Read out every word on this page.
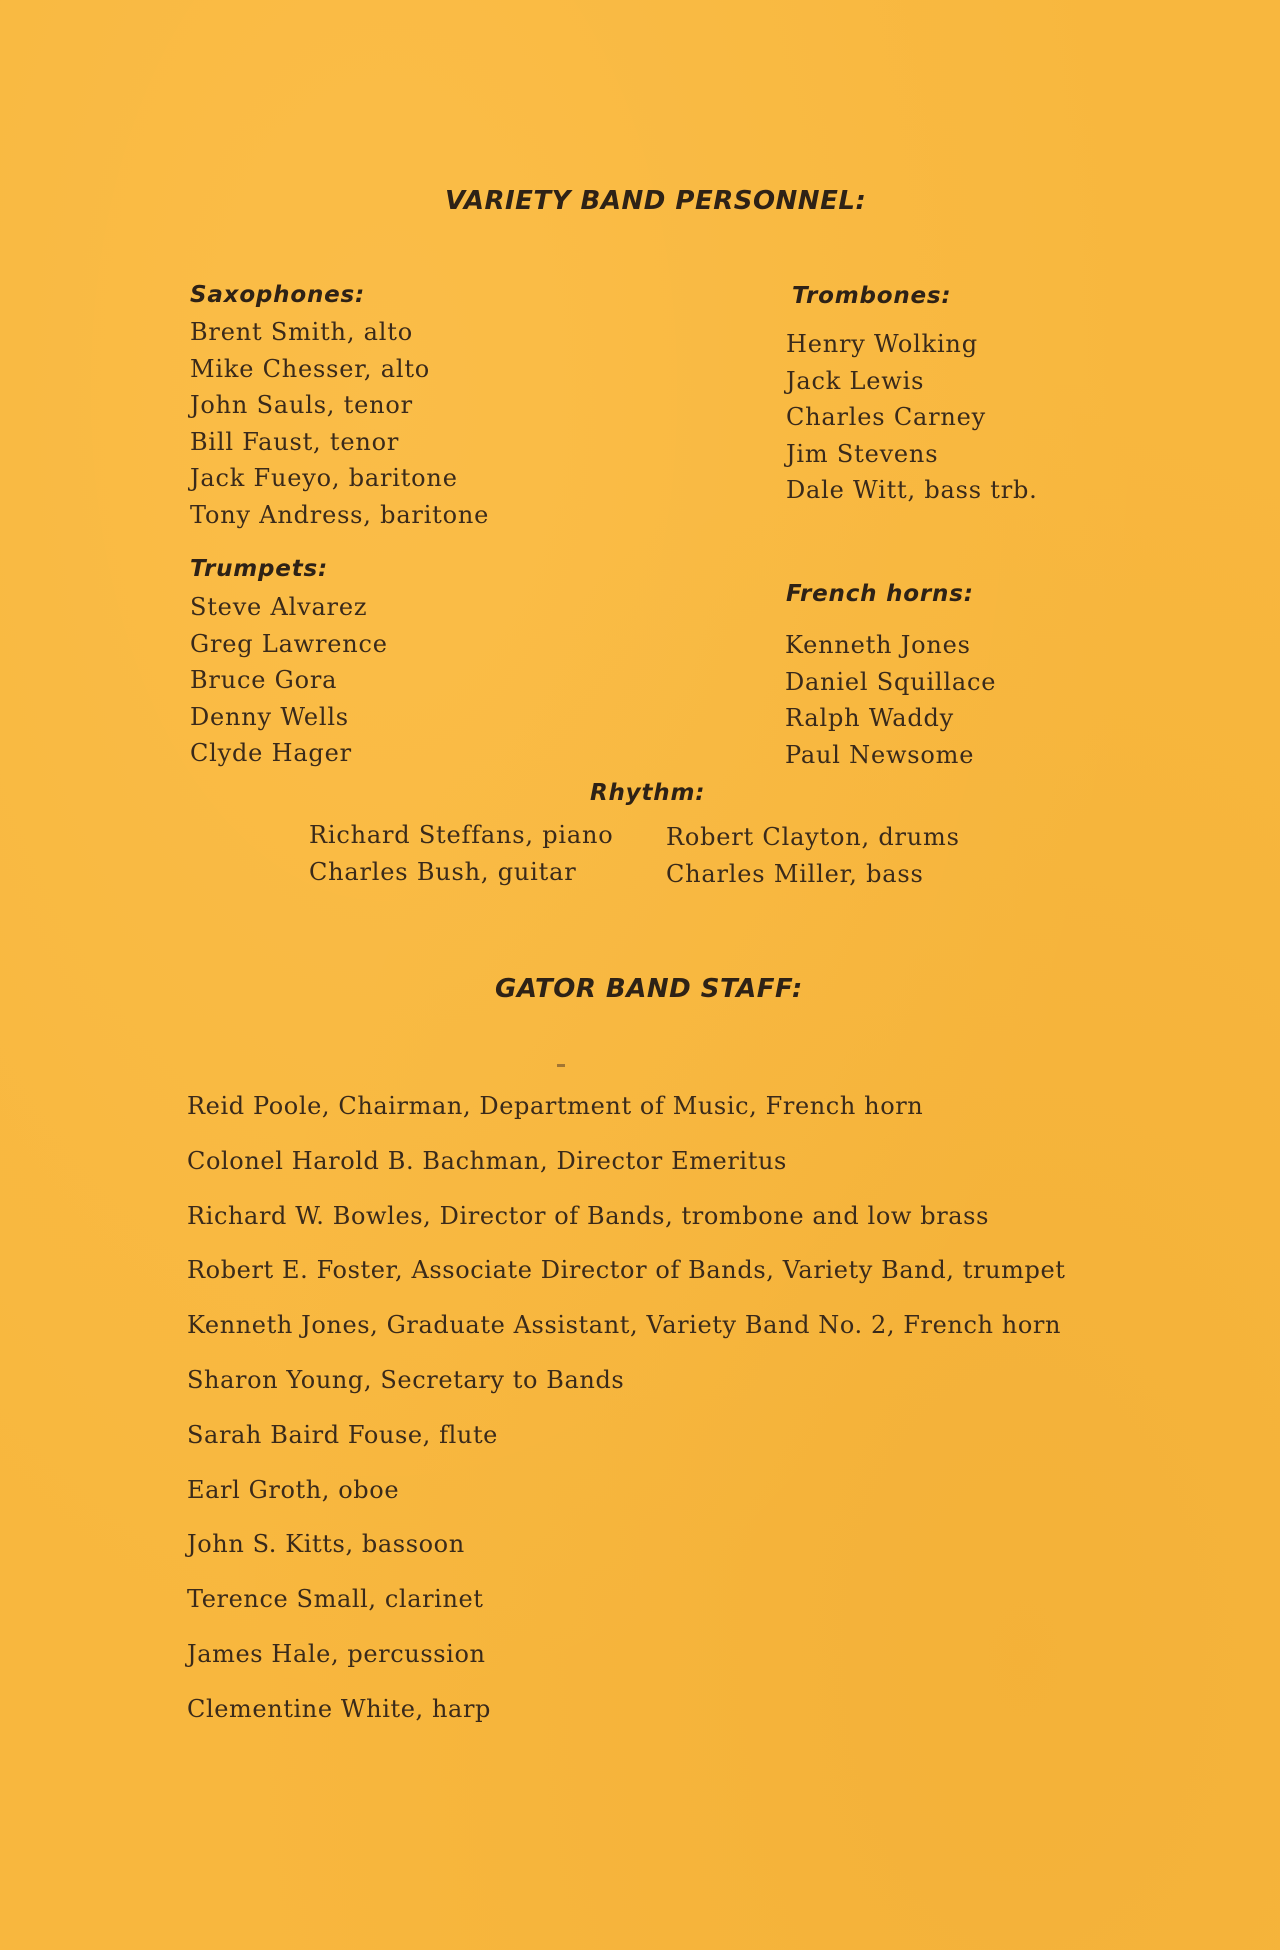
VARIETY BAND PERSONNEL:
Saxophones:
Brent Smith, alto
Mike Chesser, alto
John Sauls, tenor
Bill Faust, tenor
Jack Fueyo, baritone
Tony Andress, baritone
Trumpets:
Steve Alvarez
Greg Lawrence
Bruce Gora
Denny Wells
Clyde Hager
Trombones:
Henry Wolking
Jack Lewis
Charles Carney
Jim Stevens
Dale Witt, bass trb.
French horns:
Kenneth Jones
Daniel Squillace
Ralph Waddy
Paul Newsome
Rhythm:
Richard Steffans, piano
Charles Bush, guitar
Robert Clayton, drums
Charles Miller, bass
GATOR BAND STAFF:
Reid Poole, Chairman, Department of Music, French horn
Colonel Harold B. Bachman, Director Emeritus
Richard W. Bowles, Director of Bands, trombone and low brass
Robert E. Foster, Associate Director of Bands, Variety Band, trumpet
Kenneth Jones, Graduate Assistant, Variety Band No. 2, French horn
Sharon Young, Secretary to Bands
Sarah Baird Fouse, flute
Earl Groth, oboe
John S. Kitts, bassoon
Terence Small, clarinet
James Hale, percussion
Clementine White, harp
